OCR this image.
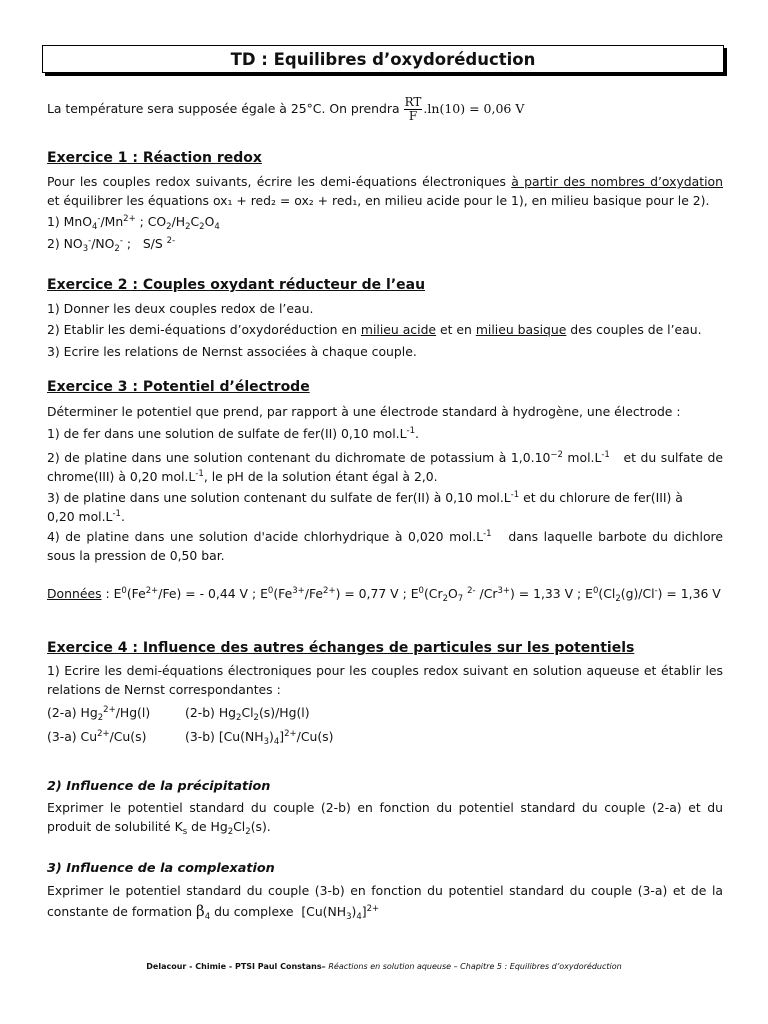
TD : Equilibres d’oxydoréduction
La température sera supposée égale à 25°C. On prendra $\frac{RT}{F} .\ln(10) = 0,06$ V
Exercice 1 : Réaction redox
Pour les couples redox suivants, écrire les demi-équations électroniques à partir des nombres d’oxydation
et équilibrer les équations ox₁ + red₂ = ox₂ + red₁, en milieu acide pour le 1), en milieu basique pour le 2).
1) $MnO_4^-/Mn^{2+}$ ; $CO_2/H_2C_2O_4$
2) $NO_3^-/NO_2^-$ ;   S/S $^{2-}$
Exercice 2 : Couples oxydant réducteur de l’eau
1) Donner les deux couples redox de l’eau.
2) Etablir les demi-équations d’oxydoréduction en milieu acide et en milieu basique des couples de l’eau.
3) Ecrire les relations de Nernst associées à chaque couple.
Exercice 3 : Potentiel d’électrode
Déterminer le potentiel que prend, par rapport à une électrode standard à hydrogène, une électrode :
1) de fer dans une solution de sulfate de fer(II) 0,10 $mol.L^{-1}$.
2) de platine dans une solution contenant du dichromate de potassium à $1,0.10^{-2}$ $mol.L^{-1}$ et du sulfate de
chrome(III) à 0,20 $mol.L^{-1}$, le pH de la solution étant égal à 2,0.
3) de platine dans une solution contenant du sulfate de fer(II) à 0,10 $mol.L^{-1}$ et du chlorure de fer(III) à
0,20 $mol.L^{-1}$.
4) de platine dans une solution d'acide chlorhydrique à 0,020 $mol.L^{-1}$ dans laquelle barbote du dichlore
sous la pression de 0,50 bar.
Données : $E^0(Fe^{2+}/Fe)$ = - 0,44 V ; $E^0(Fe^{3+}/Fe^{2+}) = 0,77$ V ; $E^0(Cr_2O_7$ $^{2-}$ $/Cr^{3+}) = 1,33$ V ; $E^0(Cl_2(g)/Cl^-) = 1,36$ V
Exercice 4 : Influence des autres échanges de particules sur les potentiels
1) Ecrire les demi-équations électroniques pour les couples redox suivant en solution aqueuse et établir les
relations de Nernst correspondantes :
(2-a) $Hg_2^{2+}/Hg(l)$	(2-b) $Hg_2Cl_2(s)/Hg(l)$
(3-a) $Cu^{2+}/Cu(s)$	(3-b) $[Cu(NH_3)_4]^{2+}/Cu(s)$
2) Influence de la précipitation
Exprimer le potentiel standard du couple (2-b) en fonction du potentiel standard du couple (2-a) et du
produit de solubilité $K_s$ de $Hg_2Cl_2(s)$.
3) Influence de la complexation
Exprimer le potentiel standard du couple (3-b) en fonction du potentiel standard du couple (3-a) et de la
constante de formation $\beta_4$ du complexe  $[Cu(NH_3)_4]^{2+}$
Delacour - Chimie - PTSI Paul Constans– Réactions en solution aqueuse – Chapitre 5 : Equilibres d’oxydoréduction
